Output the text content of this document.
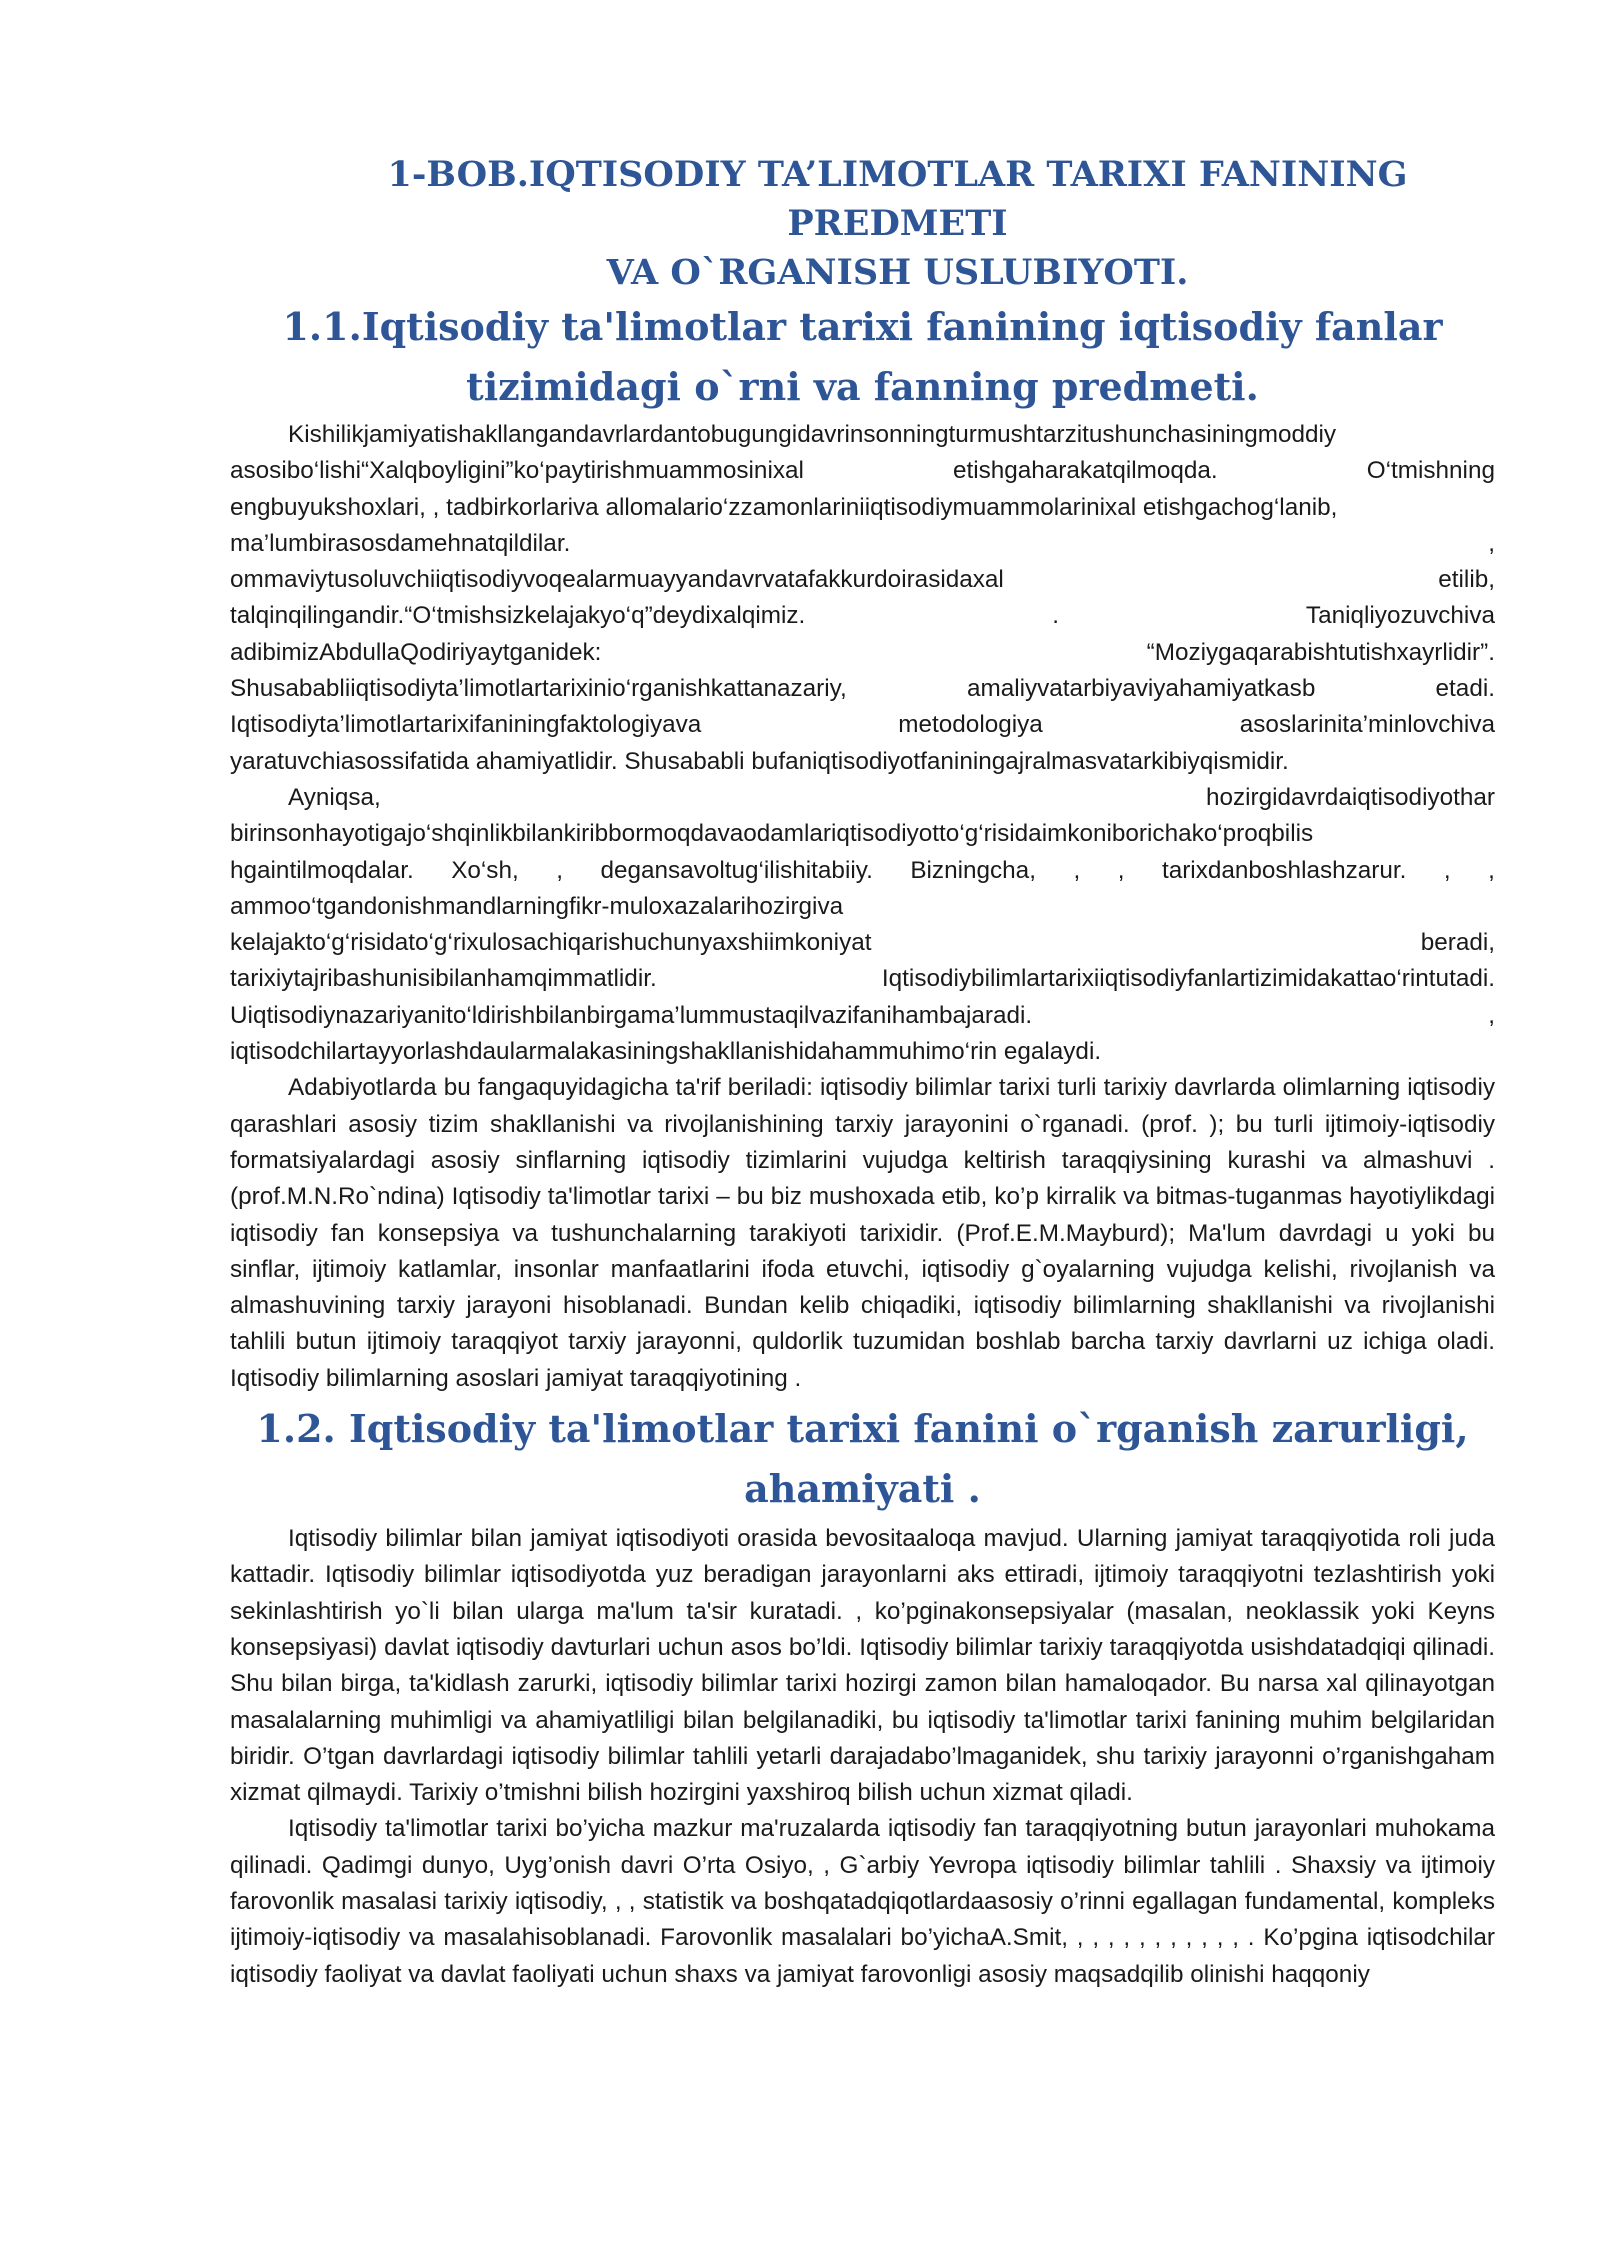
1-BOB.IQTISODIY TA’LIMOTLAR TARIXI FANINING PREDMETI
VA O`RGANISH USLUBIYOTI.
1.1.Iqtisodiy ta'limotlar tarixi fanining iqtisodiy fanlar
tizimidagi o`rni va fanning predmeti.
Kishilikjamiyatishakllangandavrlardantobugungidavrinsonningturmushtarzitushunchasiningmoddiy
asosibo‘lishi“Xalqboyligini”ko‘paytirishmuammosinixal	etishgaharakatqilmoqda.	O‘tmishning
engbuyukshoxlari, , tadbirkorlariva allomalario‘zzamonlariniiqtisodiymuammolarinixal etishgachog‘lanib,
ma’lumbirasosdamehnatqildilar.	,
ommaviytusoluvchiiqtisodiyvoqealarmuayyandavrvatafakkurdoirasidaxal	etilib,
talqinqilingandir.“O‘tmishsizkelajakyo‘q”deydixalqimiz.	.	Taniqliyozuvchiva
adibimizAbdullaQodiriyaytganidek:	“Moziygaqarabishtutishxayrlidir”.
Shusababliiqtisodiyta’limotlartarixinio‘rganishkattanazariy,	amaliyvatarbiyaviyahamiyatkasb	etadi.
Iqtisodiyta’limotlartarixifaniningfaktologiyava	metodologiya	asoslarinita’minlovchiva
yaratuvchiasossifatida ahamiyatlidir. Shusababli bufaniqtisodiyotfaniningajralmasvatarkibiyqismidir.
Ayniqsa,	hozirgidavrdaiqtisodiyothar
birinsonhayotigajo‘shqinlikbilankiribbormoqdavaodamlariqtisodiyotto‘g‘risidaimkoniborichako‘proqbilis
hgaintilmoqdalar. Xo‘sh, , degansavoltug‘ilishitabiiy. Bizningcha, , , tarixdanboshlashzarur. , ,
ammoo‘tgandonishmandlarningfikr-muloxazalarihozirgiva
kelajakto‘g‘risidato‘g‘rixulosachiqarishuchunyaxshiimkoniyat	beradi,
tarixiytajribashunisibilanhamqimmatlidir.	Iqtisodiybilimlartarixiiqtisodiyfanlartizimidakattao‘rintutadi.
Uiqtisodiynazariyanito‘ldirishbilanbirgama’lummustaqilvazifanihambajaradi.	,
iqtisodchilartayyorlashdaularmalakasiningshakllanishidahammuhimo‘rin egalaydi.

Adabiyotlarda bu fangaquyidagicha ta'rif beriladi: iqtisodiy bilimlar tarixi turli tarixiy davrlarda olimlarning iqtisodiy qarashlari asosiy tizim shakllanishi va rivojlanishining tarxiy jarayonini o`rganadi. (prof. ); bu turli ijtimoiy-iqtisodiy formatsiyalardagi asosiy sinflarning iqtisodiy tizimlarini vujudga keltirish taraqqiysining kurashi va almashuvi . (prof.M.N.Ro`ndina) Iqtisodiy ta'limotlar tarixi – bu biz mushoxada etib, ko’p kirralik va bitmas-tuganmas hayotiylikdagi iqtisodiy fan konsepsiya va tushunchalarning tarakiyoti tarixidir. (Prof.E.M.Mayburd); Ma'lum davrdagi u yoki bu sinflar, ijtimoiy katlamlar, insonlar manfaatlarini ifoda etuvchi, iqtisodiy g`oyalarning vujudga kelishi, rivojlanish va almashuvining tarxiy jarayoni hisoblanadi. Bundan kelib chiqadiki, iqtisodiy bilimlarning shakllanishi va rivojlanishi tahlili butun ijtimoiy taraqqiyot tarxiy jarayonni, quldorlik tuzumidan boshlab barcha tarxiy davrlarni uz ichiga oladi. Iqtisodiy bilimlarning asoslari jamiyat taraqqiyotining .

1.2. Iqtisodiy ta'limotlar tarixi fanini o`rganish zarurligi,
ahamiyati .

Iqtisodiy bilimlar bilan jamiyat iqtisodiyoti orasida bevositaaloqa mavjud. Ularning jamiyat taraqqiyotida roli juda kattadir. Iqtisodiy bilimlar iqtisodiyotda yuz beradigan jarayonlarni aks ettiradi, ijtimoiy taraqqiyotni tezlashtirish yoki sekinlashtirish yo`li bilan ularga ma'lum ta'sir kuratadi. , ko’pginakonsepsiyalar (masalan, neoklassik yoki Keyns konsepsiyasi) davlat iqtisodiy davturlari uchun asos bo’ldi. Iqtisodiy bilimlar tarixiy taraqqiyotda usishdatadqiqi qilinadi. Shu bilan birga, ta'kidlash zarurki, iqtisodiy bilimlar tarixi hozirgi zamon bilan hamaloqador. Bu narsa xal qilinayotgan masalalarning muhimligi va ahamiyatliligi bilan belgilanadiki, bu iqtisodiy ta'limotlar tarixi fanining muhim belgilaridan biridir. O’tgan davrlardagi iqtisodiy bilimlar tahlili yetarli darajadabo’lmaganidek, shu tarixiy jarayonni o’rganishgaham xizmat qilmaydi. Tarixiy o’tmishni bilish hozirgini yaxshiroq bilish uchun xizmat qiladi.

Iqtisodiy ta'limotlar tarixi bo’yicha mazkur ma'ruzalarda iqtisodiy fan taraqqiyotning butun jarayonlari muhokama qilinadi. Qadimgi dunyo, Uyg’onish davri O’rta Osiyo, , G`arbiy Yevropa iqtisodiy bilimlar tahlili . Shaxsiy va ijtimoiy farovonlik masalasi tarixiy iqtisodiy, , , statistik va boshqatadqiqotlardaasosiy o’rinni egallagan fundamental, kompleks ijtimoiy-iqtisodiy va masalahisoblanadi. Farovonlik masalalari bo’yichaA.Smit, , , , , , , , , , , , . Ko’pgina iqtisodchilar iqtisodiy faoliyat va davlat faoliyati uchun shaxs va jamiyat farovonligi asosiy maqsadqilib olinishi haqqoniy
